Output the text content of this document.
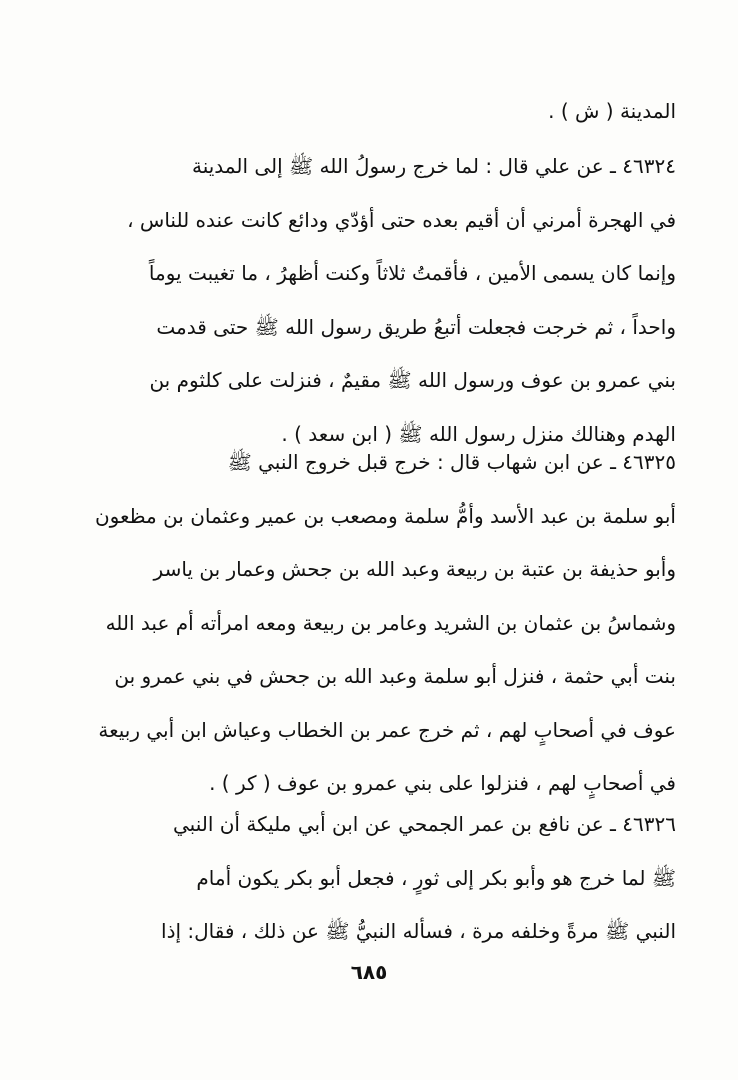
المدينة ( ش ) .
٤٦٣٢٤ ـ عن علي قال : لما خرج رسولُ الله ﷺ إلى المدينة
في الهجرة أمرني أن أقيم بعده حتى أؤدّي ودائع كانت عنده للناس ،
وإنما كان يسمى الأمين ، فأقمتُ ثلاثاً وكنت أظهرُ ، ما تغيبت يوماً
واحداً ، ثم خرجت فجعلت أتبعُ طريق رسول الله ﷺ حتى قدمت
بني عمرو بن عوف ورسول الله ﷺ مقيمٌ ، فنزلت على كلثوم بن
الهدم وهنالك منزل رسول الله ﷺ ( ابن سعد ) .
٤٦٣٢٥ ـ عن ابن شهاب قال : خرج قبل خروج النبي ﷺ
أبو سلمة بن عبد الأسد وأمُّ سلمة ومصعب بن عمير وعثمان بن مظعون
وأبو حذيفة بن عتبة بن ربيعة وعبد الله بن جحش وعمار بن ياسر
وشماسُ بن عثمان بن الشريد وعامر بن ربيعة ومعه امرأته أم عبد الله
بنت أبي حثمة ، فنزل أبو سلمة وعبد الله بن جحش في بني عمرو بن
عوف في أصحابٍ لهم ، ثم خرج عمر بن الخطاب وعياش ابن أبي ربيعة
في أصحابٍ لهم ، فنزلوا على بني عمرو بن عوف ( كر ) .
٤٦٣٢٦ ـ عن نافع بن عمر الجمحي عن ابن أبي مليكة أن النبي
ﷺ لما خرج هو وأبو بكر إلى ثورٍ ، فجعل أبو بكر يكون أمام
النبي ﷺ مرةً وخلفه مرة ، فسأله النبيُّ ﷺ عن ذلك ، فقال: إذا
٦٨٥
